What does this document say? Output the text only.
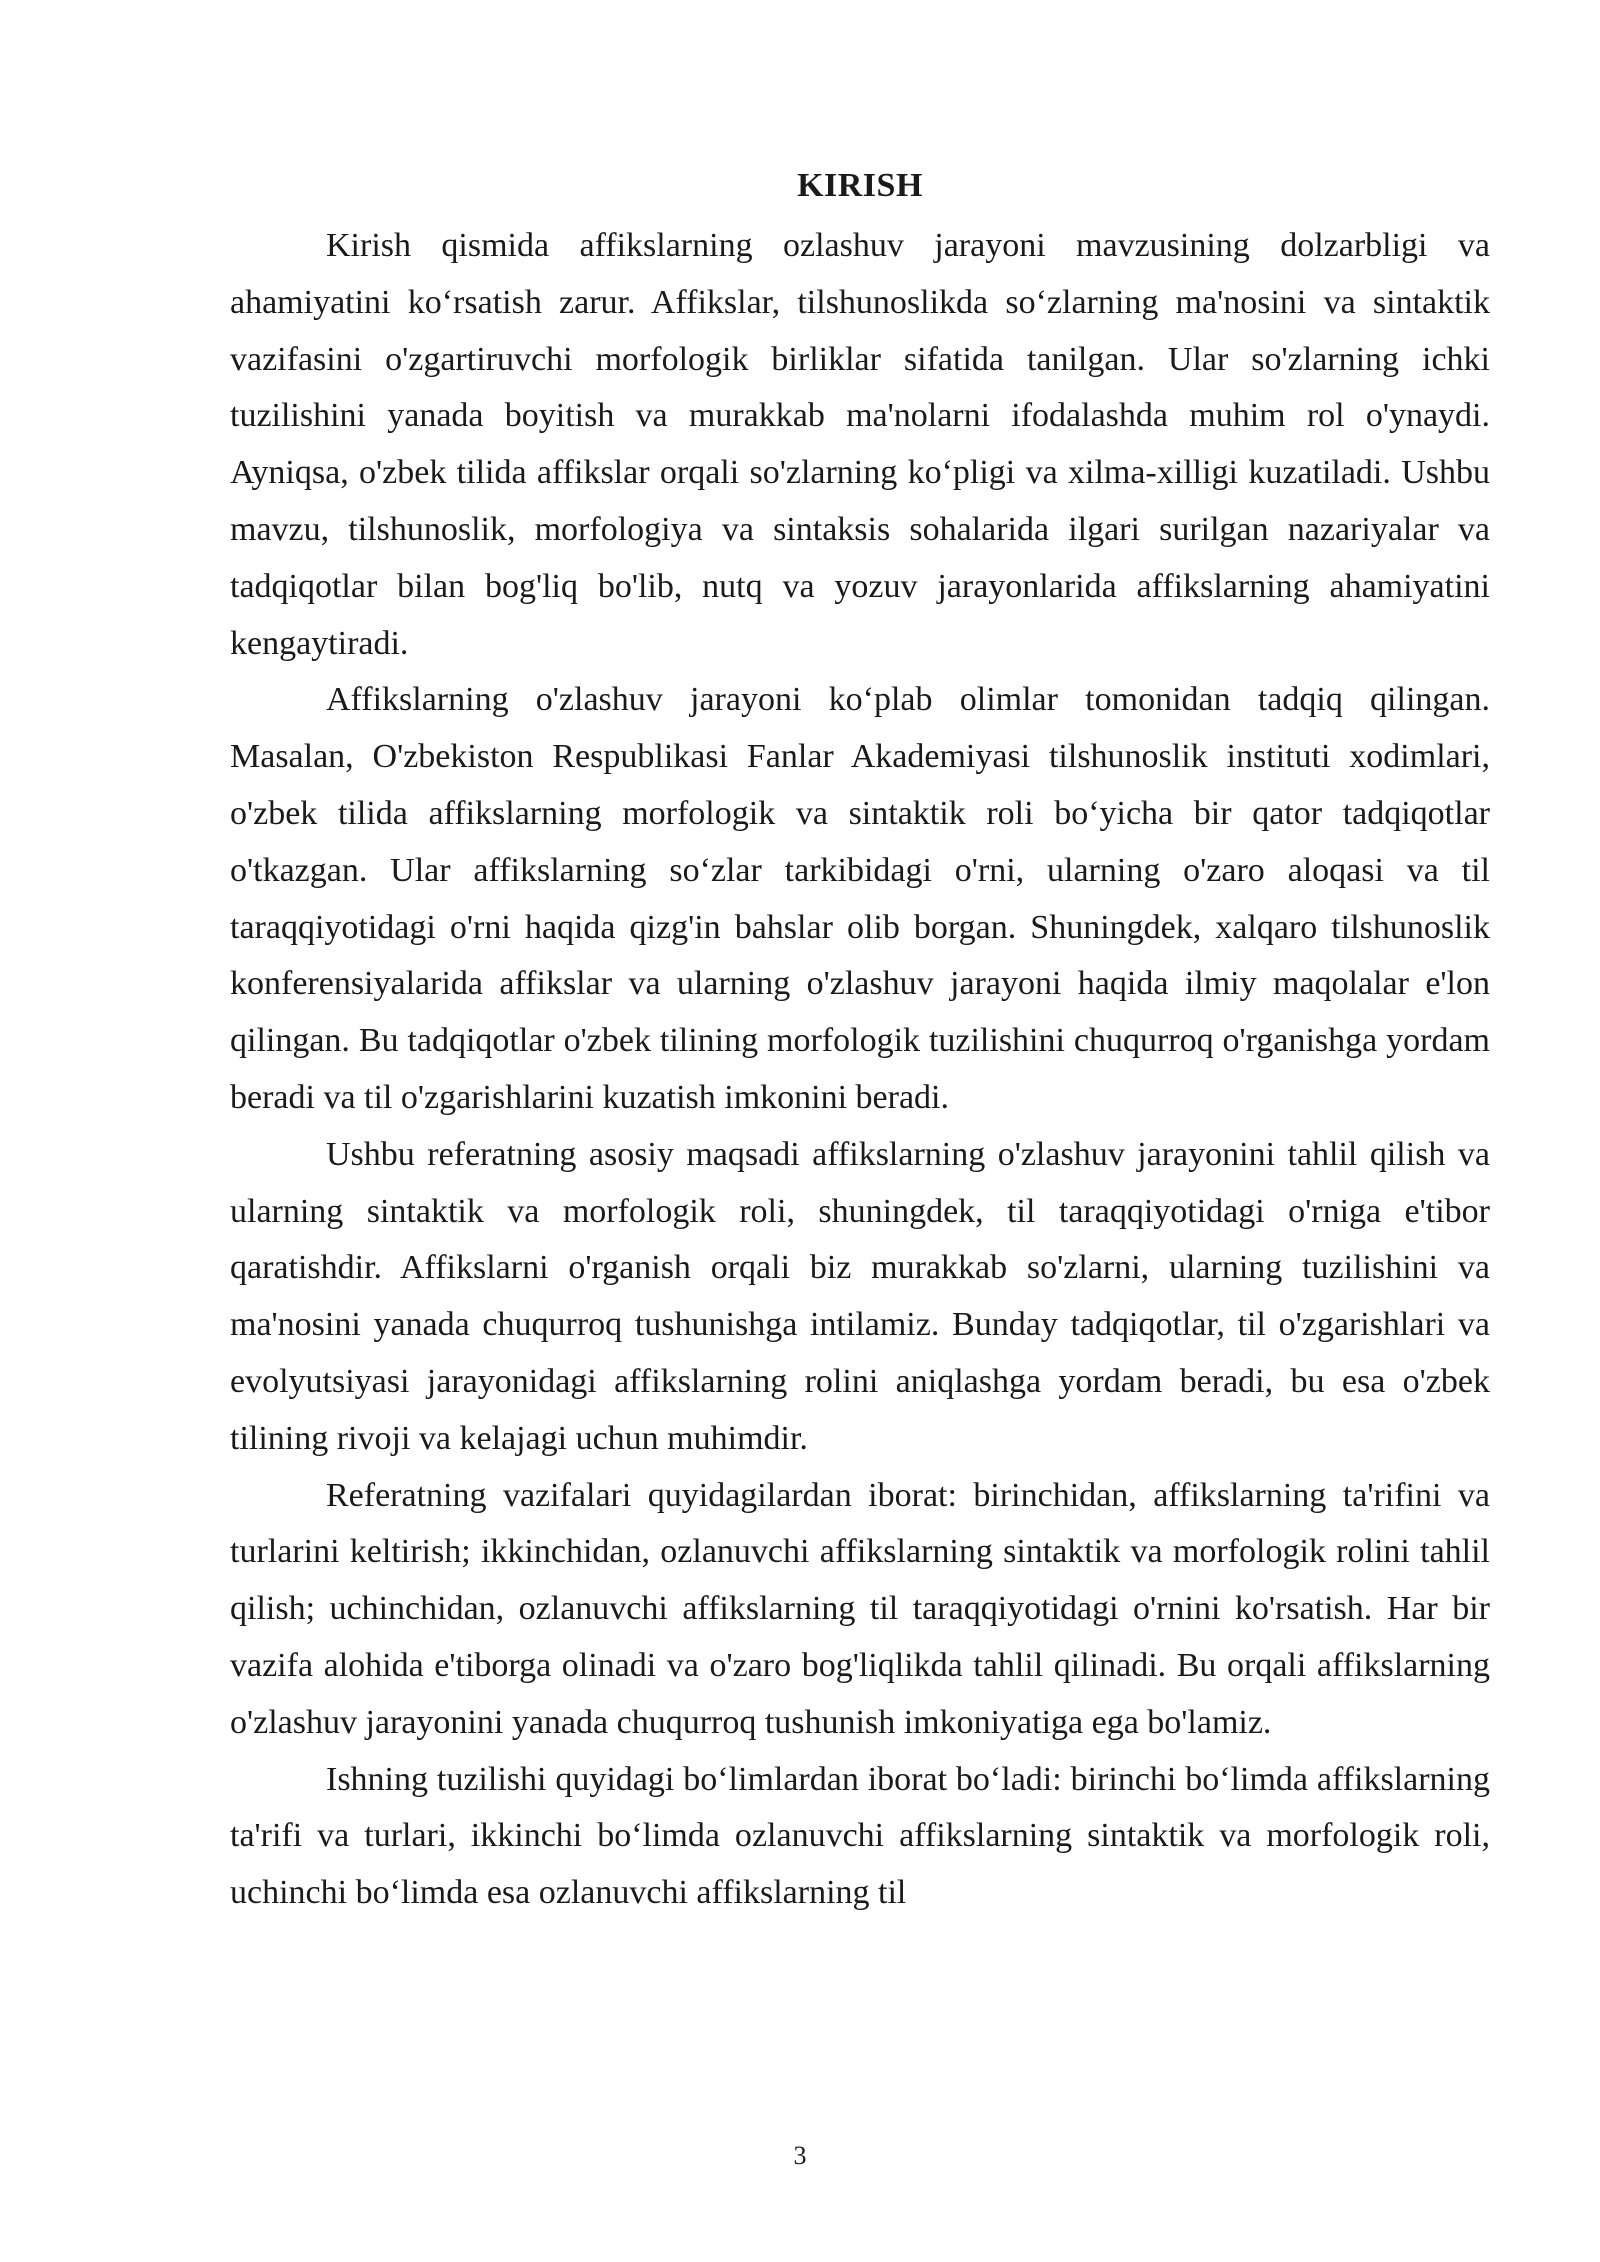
KIRISH

Kirish qismida affikslarning ozlashuv jarayoni mavzusining dolzarbligi va ahamiyatini koʻrsatish zarur. Affikslar, tilshunoslikda soʻzlarning ma'nosini va sintaktik vazifasini o'zgartiruvchi morfologik birliklar sifatida tanilgan. Ular so'zlarning ichki tuzilishini yanada boyitish va murakkab ma'nolarni ifodalashda muhim rol o'ynaydi. Ayniqsa, o'zbek tilida affikslar orqali so'zlarning koʻpligi va xilma-xilligi kuzatiladi. Ushbu mavzu, tilshunoslik, morfologiya va sintaksis sohalarida ilgari surilgan nazariyalar va tadqiqotlar bilan bog'liq bo'lib, nutq va yozuv jarayonlarida affikslarning ahamiyatini kengaytiradi.

Affikslarning o'zlashuv jarayoni koʻplab olimlar tomonidan tadqiq qilingan. Masalan, O'zbekiston Respublikasi Fanlar Akademiyasi tilshunoslik instituti xodimlari, o'zbek tilida affikslarning morfologik va sintaktik roli boʻyicha bir qator tadqiqotlar o'tkazgan. Ular affikslarning soʻzlar tarkibidagi o'rni, ularning o'zaro aloqasi va til taraqqiyotidagi o'rni haqida qizg'in bahslar olib borgan. Shuningdek, xalqaro tilshunoslik konferensiyalarida affikslar va ularning o'zlashuv jarayoni haqida ilmiy maqolalar e'lon qilingan. Bu tadqiqotlar o'zbek tilining morfologik tuzilishini chuqurroq o'rganishga yordam beradi va til o'zgarishlarini kuzatish imkonini beradi.

Ushbu referatning asosiy maqsadi affikslarning o'zlashuv jarayonini tahlil qilish va ularning sintaktik va morfologik roli, shuningdek, til taraqqiyotidagi o'rniga e'tibor qaratishdir. Affikslarni o'rganish orqali biz murakkab so'zlarni, ularning tuzilishini va ma'nosini yanada chuqurroq tushunishga intilamiz. Bunday tadqiqotlar, til o'zgarishlari va evolyutsiyasi jarayonidagi affikslarning rolini aniqlashga yordam beradi, bu esa o'zbek tilining rivoji va kelajagi uchun muhimdir.

Referatning vazifalari quyidagilardan iborat: birinchidan, affikslarning ta'rifini va turlarini keltirish; ikkinchidan, ozlanuvchi affikslarning sintaktik va morfologik rolini tahlil qilish; uchinchidan, ozlanuvchi affikslarning til taraqqiyotidagi o'rnini ko'rsatish. Har bir vazifa alohida e'tiborga olinadi va o'zaro bog'liqlikda tahlil qilinadi. Bu orqali affikslarning o'zlashuv jarayonini yanada chuqurroq tushunish imkoniyatiga ega bo'lamiz.

Ishning tuzilishi quyidagi boʻlimlardan iborat boʻladi: birinchi boʻlimda affikslarning ta'rifi va turlari, ikkinchi boʻlimda ozlanuvchi affikslarning sintaktik va morfologik roli, uchinchi boʻlimda esa ozlanuvchi affikslarning til

3
